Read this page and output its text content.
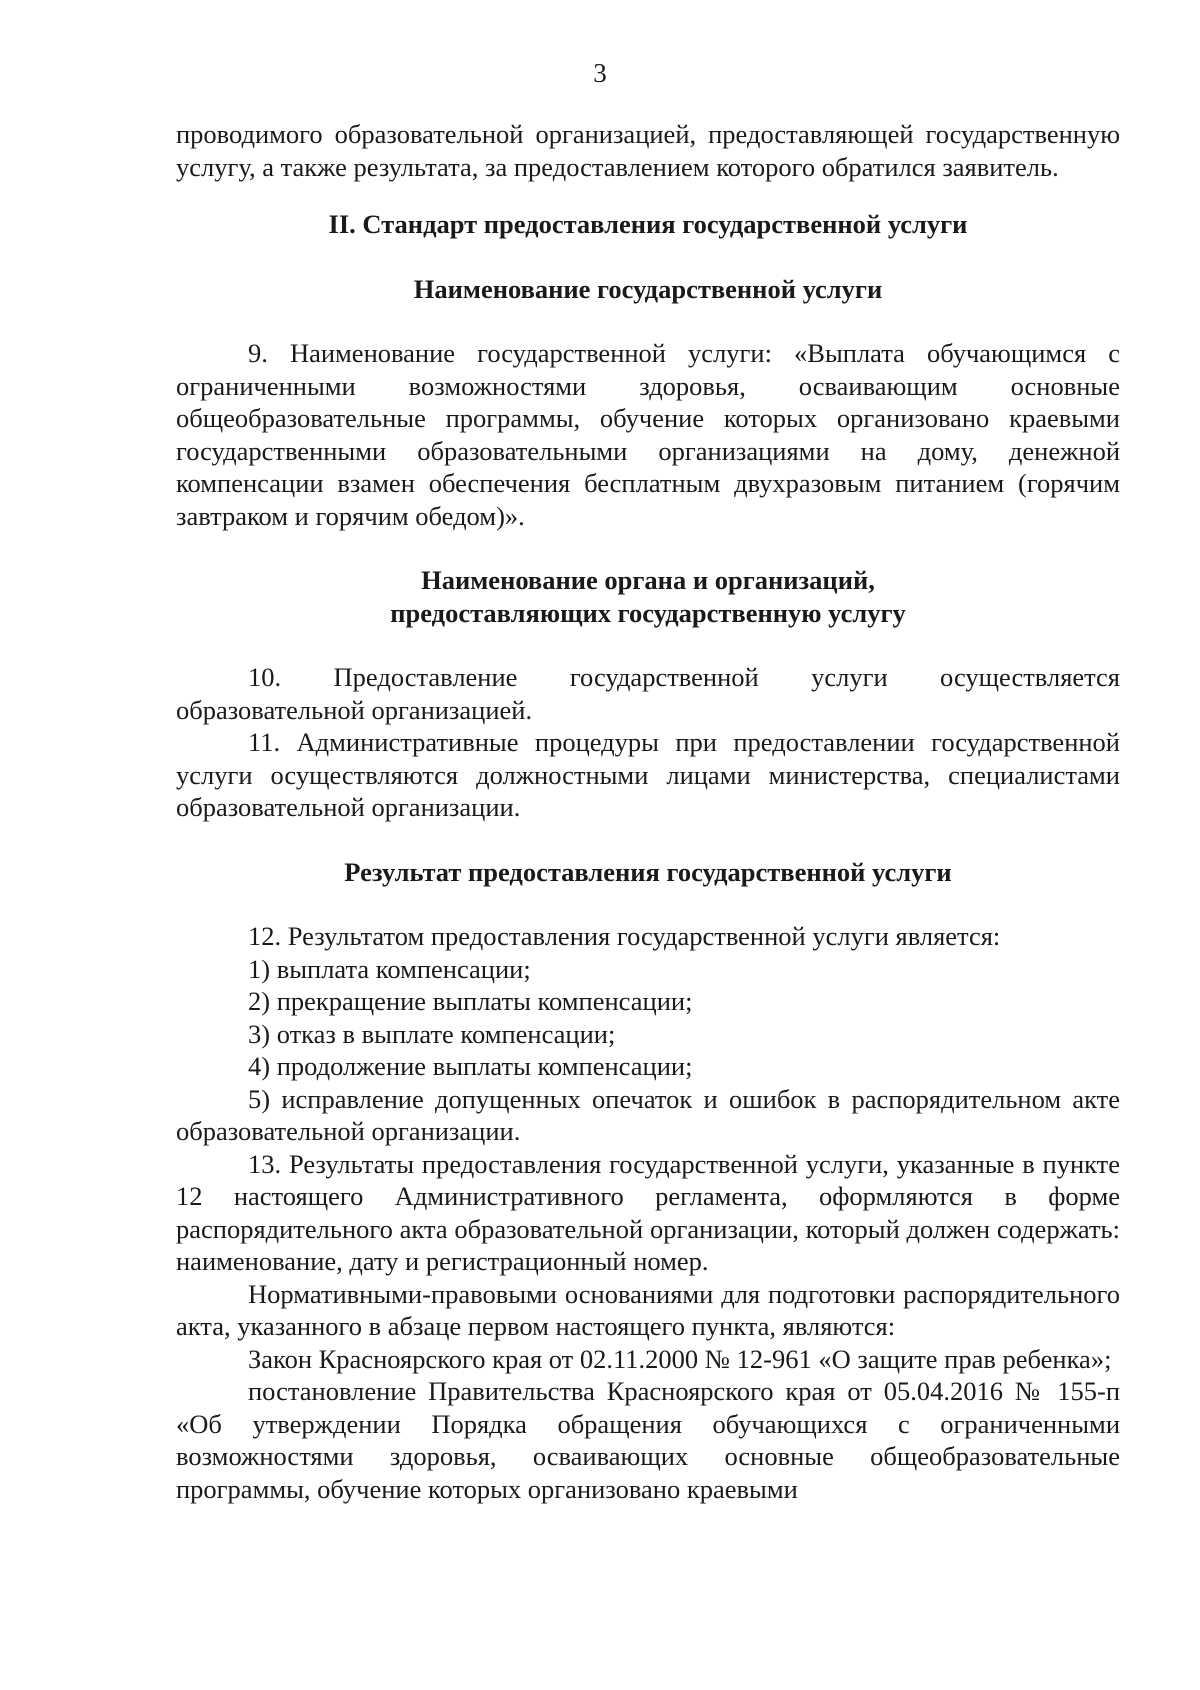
3

проводимого образовательной организацией, предоставляющей государственную услугу, а также результата, за предоставлением которого обратился заявитель.

II. Стандарт предоставления государственной услуги
Наименование государственной услуги

9. Наименование государственной услуги: «Выплата обучающимся с ограниченными возможностями здоровья, осваивающим основные общеобразовательные программы, обучение которых организовано краевыми государственными образовательными организациями на дому, денежной компенсации взамен обеспечения бесплатным двухразовым питанием (горячим завтраком и горячим обедом)».

Наименование органа и организаций,
предоставляющих государственную услугу

10. Предоставление государственной услуги осуществляется образовательной организацией.

11. Административные процедуры при предоставлении государственной услуги осуществляются должностными лицами министерства, специалистами образовательной организации.

Результат предоставления государственной услуги

12. Результатом предоставления государственной услуги является:

1) выплата компенсации;

2) прекращение выплаты компенсации;

3) отказ в выплате компенсации;

4) продолжение выплаты компенсации;

5) исправление допущенных опечаток и ошибок в распорядительном акте образовательной организации.

13. Результаты предоставления государственной услуги, указанные в пункте 12 настоящего Административного регламента, оформляются в форме распорядительного акта образовательной организации, который должен содержать: наименование, дату и регистрационный номер.

Нормативными-правовыми основаниями для подготовки распорядительного акта, указанного в абзаце первом настоящего пункта, являются:

Закон Красноярского края от 02.11.2000 № 12-961 «О защите прав ребенка»;

постановление Правительства Красноярского края от 05.04.2016 № 155-п «Об утверждении Порядка обращения обучающихся с ограниченными возможностями здоровья, осваивающих основные общеобразовательные программы, обучение которых организовано краевыми
